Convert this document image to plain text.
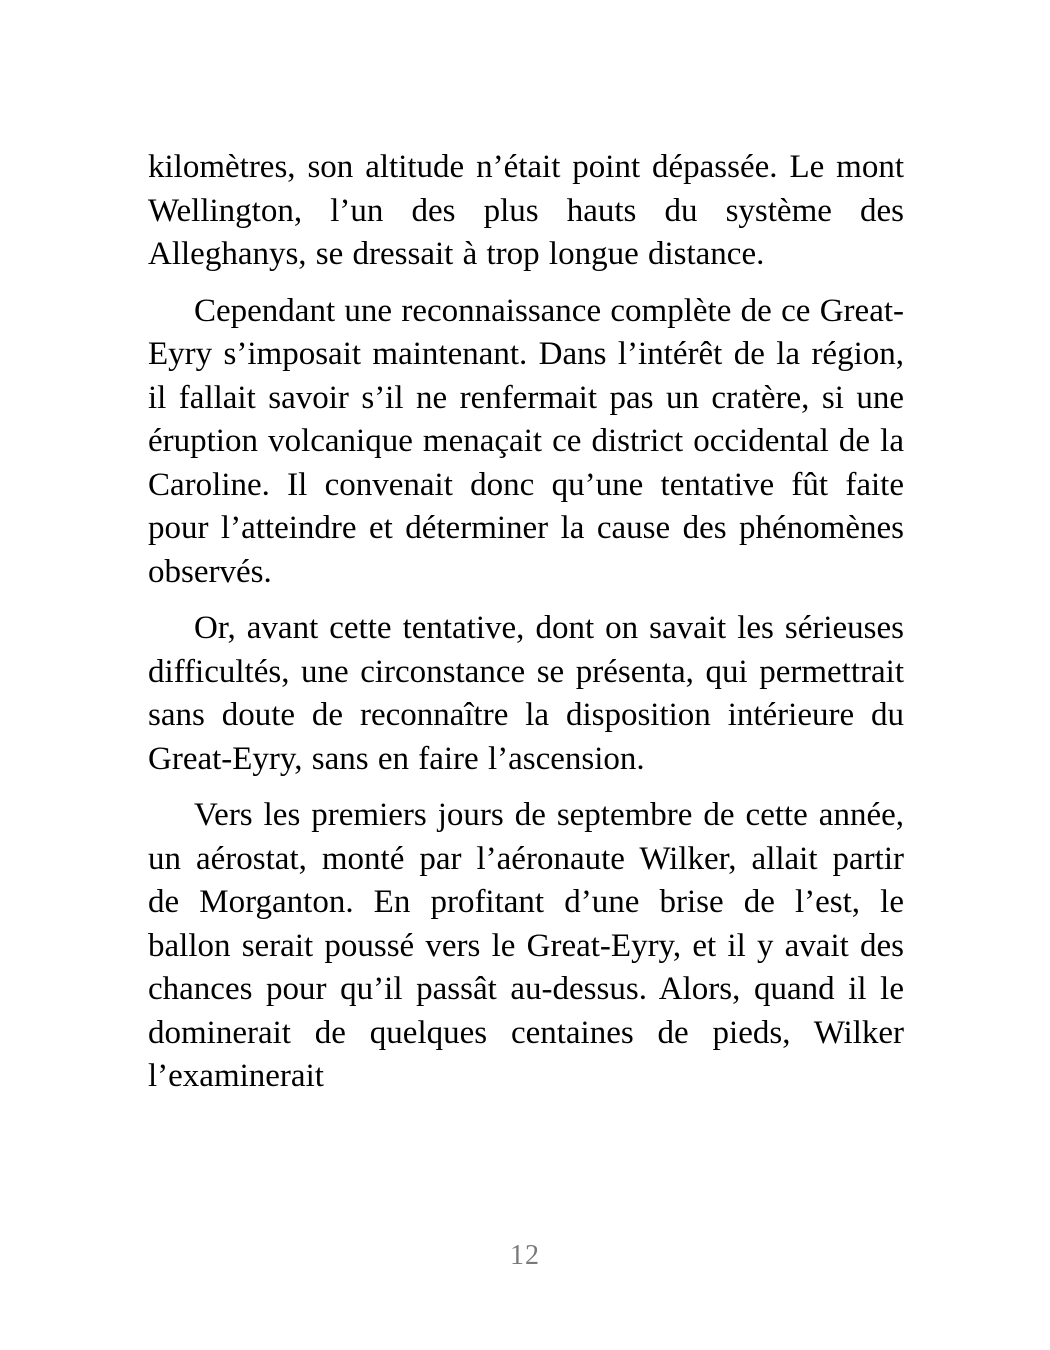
kilomètres, son altitude n’était point dépassée. Le mont Wellington, l’un des plus hauts du système des Alleghanys, se dressait à trop longue distance.

Cependant une reconnaissance complète de ce Great-Eyry s’imposait maintenant. Dans l’intérêt de la région, il fallait savoir s’il ne renfermait pas un cratère, si une éruption volcanique menaçait ce district occidental de la Caroline. Il convenait donc qu’une tentative fût faite pour l’atteindre et déterminer la cause des phénomènes observés.

Or, avant cette tentative, dont on savait les sérieuses difficultés, une circonstance se présenta, qui permettrait sans doute de reconnaître la disposition intérieure du Great-Eyry, sans en faire l’ascension.

Vers les premiers jours de septembre de cette année, un aérostat, monté par l’aéronaute Wilker, allait partir de Morganton. En profitant d’une brise de l’est, le ballon serait poussé vers le Great-Eyry, et il y avait des chances pour qu’il passât au-dessus. Alors, quand il le dominerait de quelques centaines de pieds, Wilker l’examinerait

12
